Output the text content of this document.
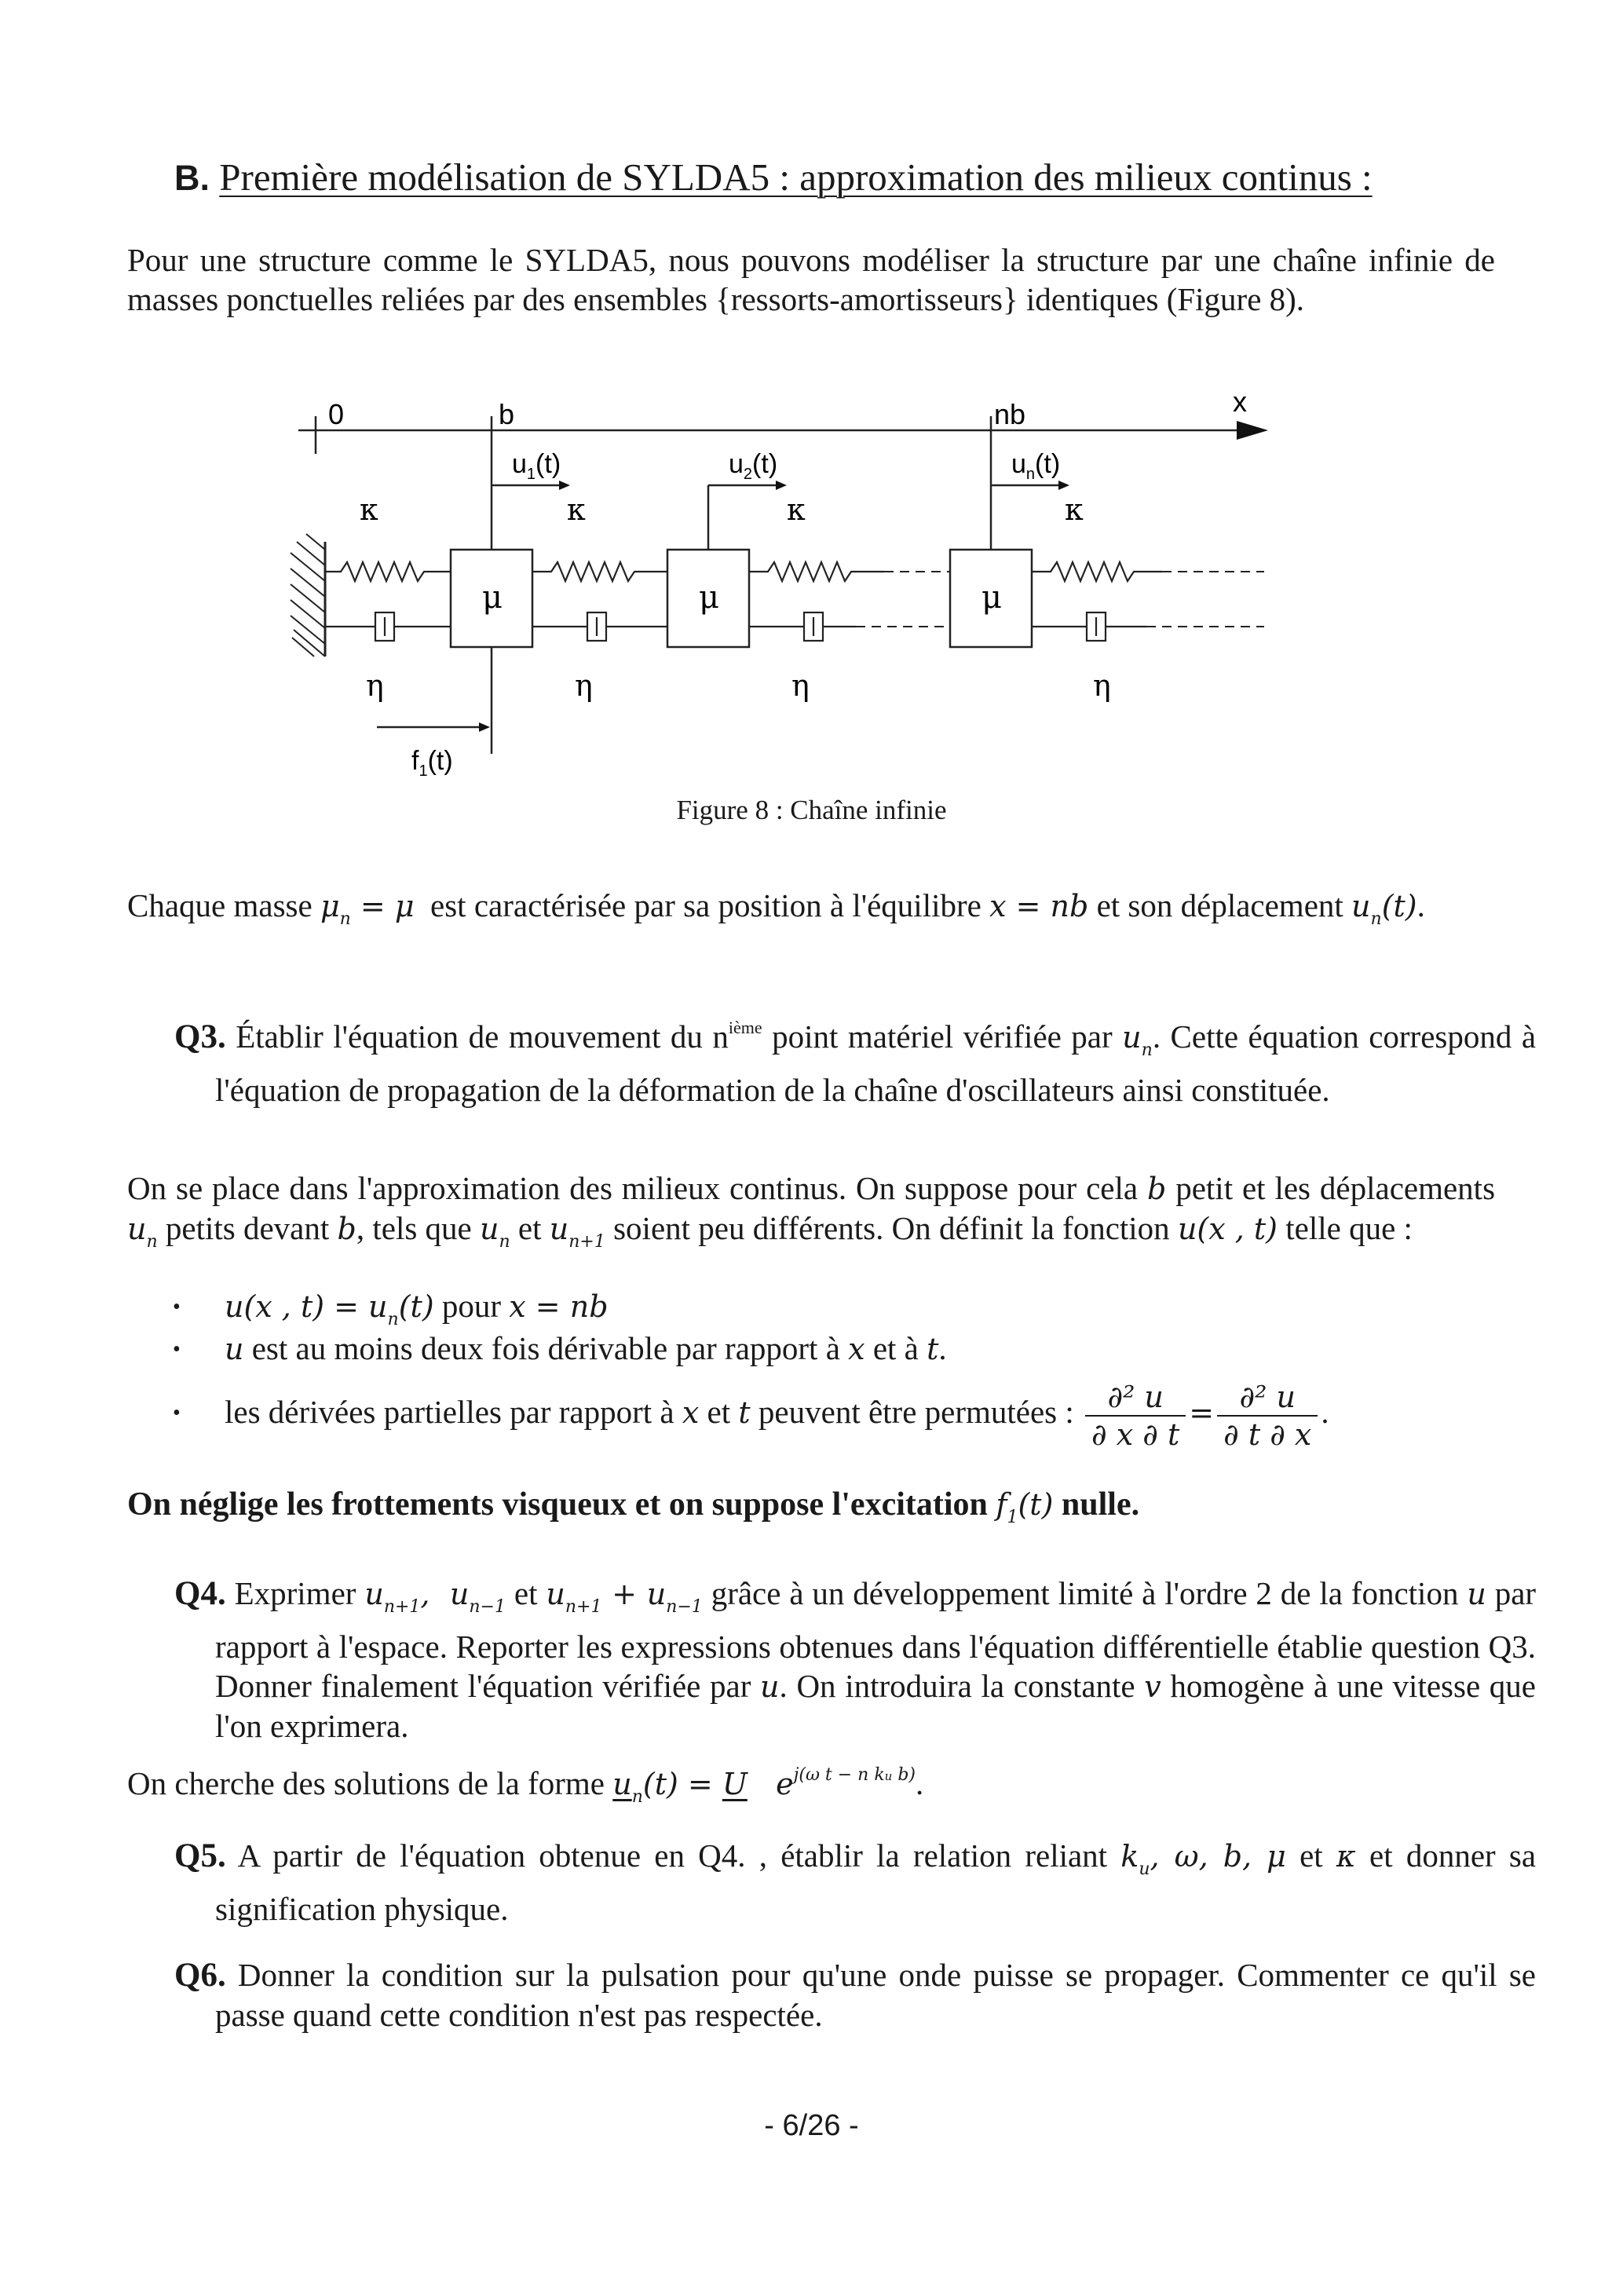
B. Première modélisation de SYLDA5 : approximation des milieux continus :
Pour une structure comme le SYLDA5, nous pouvons modéliser la structure par une chaîne infinie de masses ponctuelles reliées par des ensembles {ressorts-amortisseurs} identiques (Figure 8).
0	b	nb	x
$u_1(t)$	$u_2(t)$	$u_n(t)$
κ	κ	κ	κ
μ	μ	μ
η	η	η	η
$f_1(t)$
Figure 8 : Chaîne infinie
Chaque masse $\mu_n = \mu$ est caractérisée par sa position à l'équilibre x = nb et son déplacement $u_n(t)$.
Q3. Établir l'équation de mouvement du $n^{ième}$ point matériel vérifiée par $u_n$. Cette équation correspond à l'équation de propagation de la déformation de la chaîne d'oscillateurs ainsi constituée.
On se place dans l'approximation des milieux continus. On suppose pour cela b petit et les déplacements $u_n$ petits devant b, tels que $u_n$ et $u_{n+1}$ soient peu différents. On définit la fonction u(x , t) telle que :
• u(x , $t) = u_n(t)$ pour x = nb
• u est au moins deux fois dérivable par rapport à x et à t.
• les dérivées partielles par rapport à x et t peuvent être permutées : $\frac{\text{∂² u}}{\partial x \partial t} = \frac{\text{∂² u}}{\partial t \partial x}$ .
On néglige les frottements visqueux et on suppose l'excitation $f_1(t)$ nulle.
Q4. Exprimer $u_{n+1}$,  $u_{n-1}$ et $u_{n+1} + u_{n-1}$ grâce à un développement limité à l'ordre 2 de la fonction u par rapport à l'espace. Reporter les expressions obtenues dans l'équation différentielle établie question Q3. Donner finalement l'équation vérifiée par u. On introduira la constante v homogène à une vitesse que l'on exprimera.
On cherche des solutions de la forme $u_n(t) = U$   $e^{j(\omega t - n ku b)}$.
Q5. A partir de l'équation obtenue en Q4. , établir la relation reliant $k_u$, ω, b, μ et κ et donner sa signification physique.
Q6. Donner la condition sur la pulsation pour qu'une onde puisse se propager. Commenter ce qu'il se passe quand cette condition n'est pas respectée.
- 6/26 -
